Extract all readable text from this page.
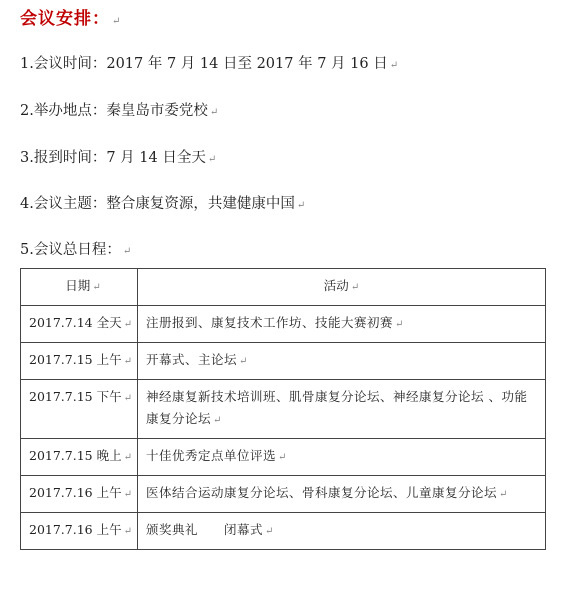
会议安排： ↵
1.会议时间：2017 年 7 月 14 日至 2017 年 7 月 16 日 ↵
2.举办地点：秦皇岛市委党校 ↵
3.报到时间：7 月 14 日全天 ↵
4.会议主题：整合康复资源，共建健康中国 ↵
5.会议总日程： ↵
日期 ↵	活动 ↵
2017.7.14 全天 ↵	注册报到、康复技术工作坊、技能大赛初赛 ↵
2017.7.15 上午 ↵	开幕式、主论坛 ↵
2017.7.15 下午 ↵	神经康复新技术培训班、肌骨康复分论坛、神经康复分论坛 、功能康复分论坛 ↵
2017.7.15 晚上 ↵	十佳优秀定点单位评选 ↵
2017.7.16 上午 ↵	医体结合运动康复分论坛、骨科康复分论坛、儿童康复分论坛 ↵
2017.7.16 上午 ↵	颁奖典礼　　闭幕式 ↵
